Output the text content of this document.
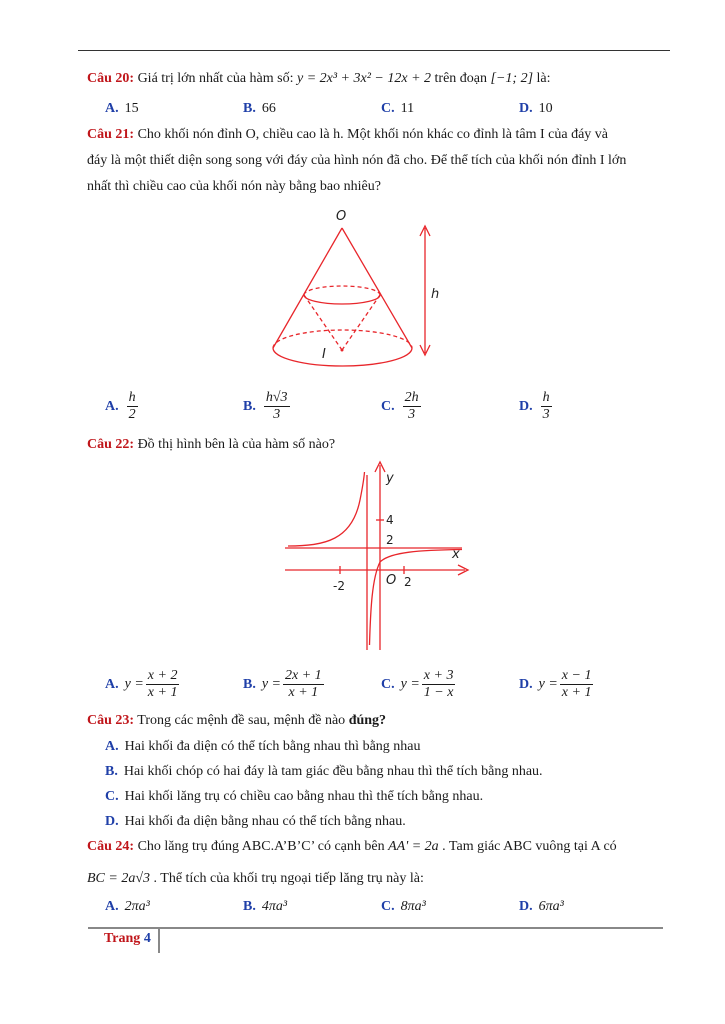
Câu 20: Giá trị lớn nhất của hàm số: y = 2x³ + 3x² − 12x + 2 trên đoạn [−1; 2] là:
A. 15	B. 66	C. 11	D. 10
Câu 21: Cho khối nón đỉnh O, chiều cao là h. Một khối nón khác co đỉnh là tâm I của đáy và
đáy là một thiết diện song song với đáy của hình nón đã cho. Để thể tích của khối nón đỉnh I lớn
nhất thì chiều cao của khối nón này bằng bao nhiêu?
O
I
h
A. $\frac{h}{2}$	B. $\frac{h√3}{3}$	C. $\frac{2h}{3}$	D. $\frac{h}{3}$
Câu 22: Đồ thị hình bên là của hàm số nào?
y
x
O
4
2
-2	2
A. $y = \frac{x + 2}{x + 1}$	B. $y = \frac{2x + 1}{x + 1}$	C. $y = \frac{x + 3}{1 - x}$	D. $y = \frac{x - 1}{x + 1}$
Câu 23: Trong các mệnh đề sau, mệnh đề nào đúng?
A. Hai khối đa diện có thể tích bằng nhau thì bằng nhau
B. Hai khối chóp có hai đáy là tam giác đều bằng nhau thì thể tích bằng nhau.
C. Hai khối lăng trụ có chiều cao bằng nhau thì thể tích bằng nhau.
D. Hai khối đa diện bằng nhau có thể tích bằng nhau.
Câu 24: Cho lăng trụ đúng ABC.A’B’C’ có cạnh bên AA' = 2a . Tam giác ABC vuông tại A có
BC = 2a√3 . Thể tích của khối trụ ngoại tiếp lăng trụ này là:
A. 2πa³	B. 4πa³	C. 8πa³	D. 6πa³
Trang 4
